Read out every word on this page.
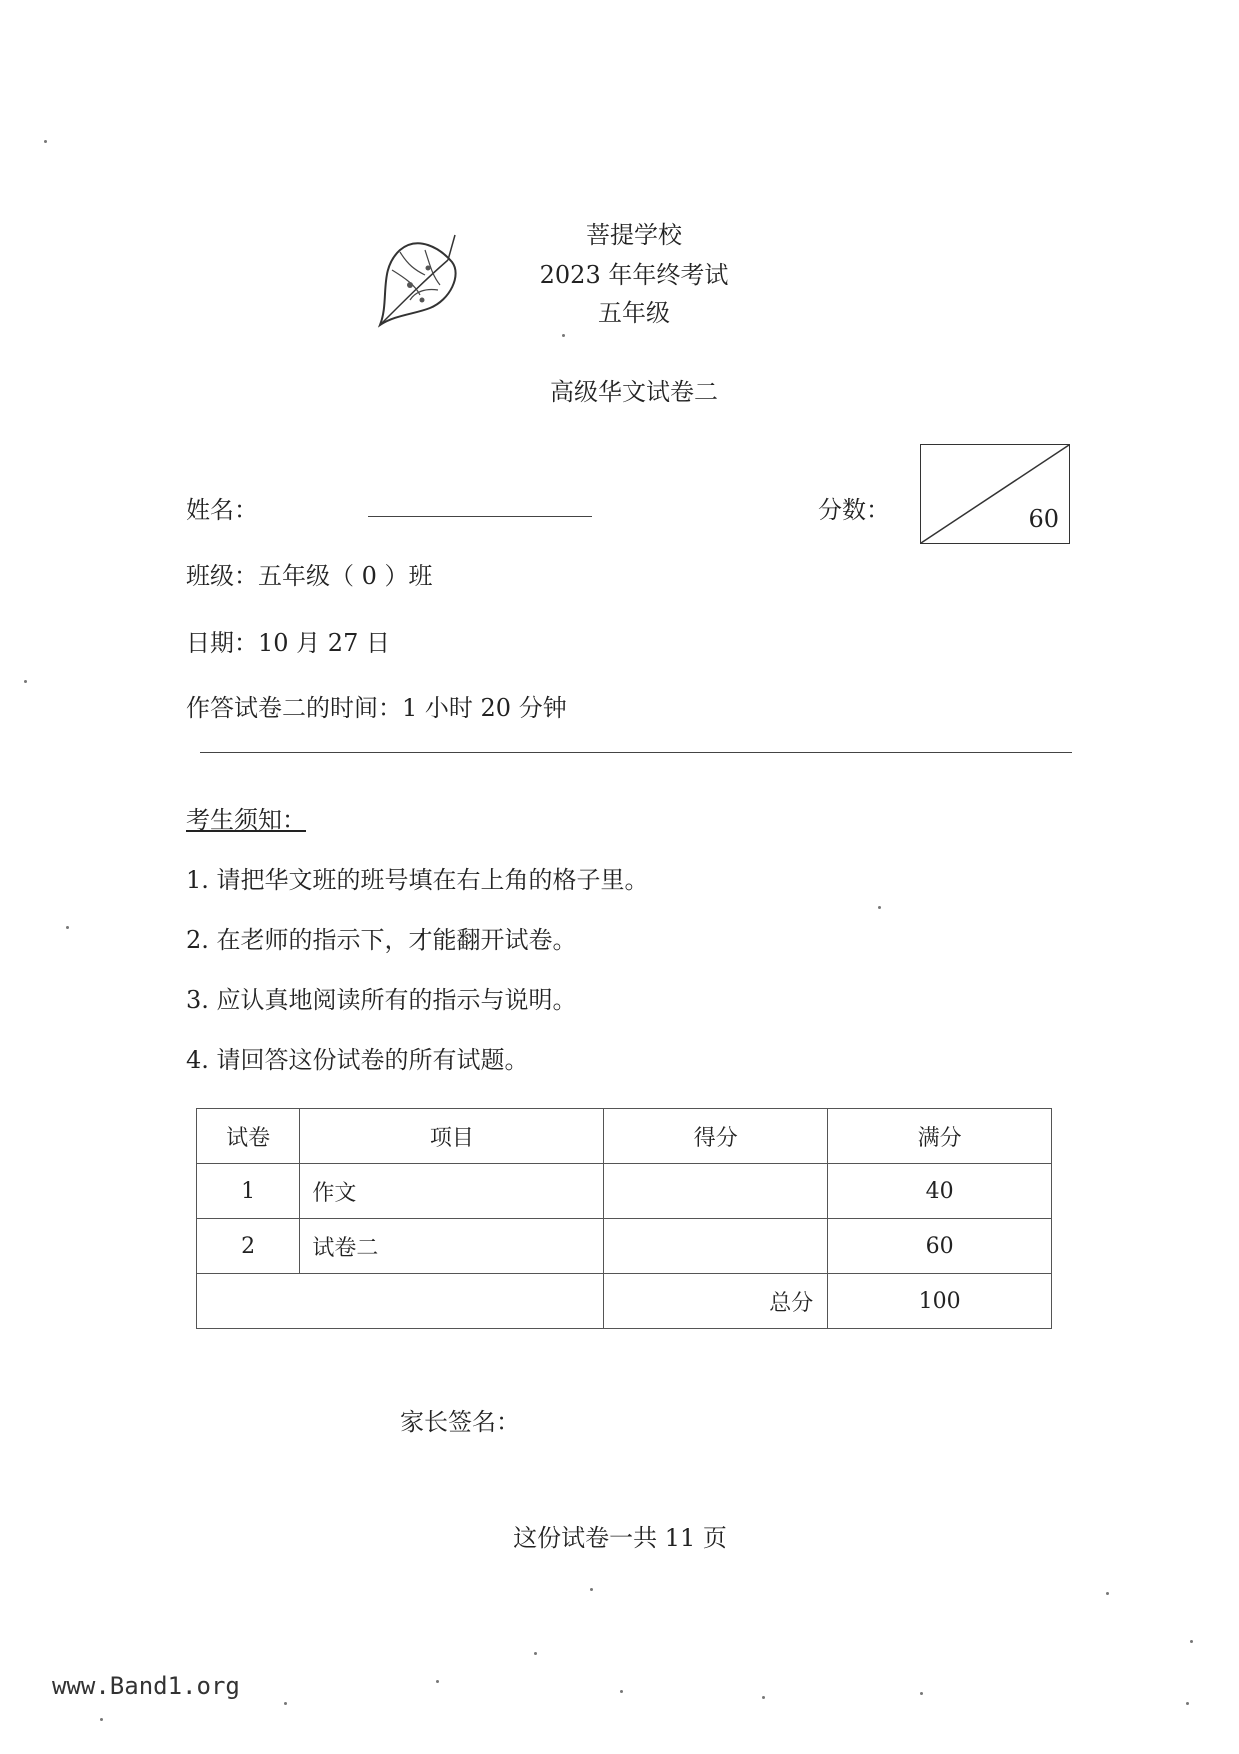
菩提学校
2023 年年终考试
五年级
高级华文试卷二
分数：	60
姓名：
班级：五年级（ 0 ）班
日期：10 月 27 日
作答试卷二的时间：1 小时 20 分钟
考生须知：
1. 请把华文班的班号填在右上角的格子里。
2. 在老师的指示下，才能翻开试卷。
3. 应认真地阅读所有的指示与说明。
4. 请回答这份试卷的所有试题。
试卷	项目	得分	满分
1	作文		40
2	试卷二		60
		总分	100
家长签名：
这份试卷一共 11 页
www.Band1.org
